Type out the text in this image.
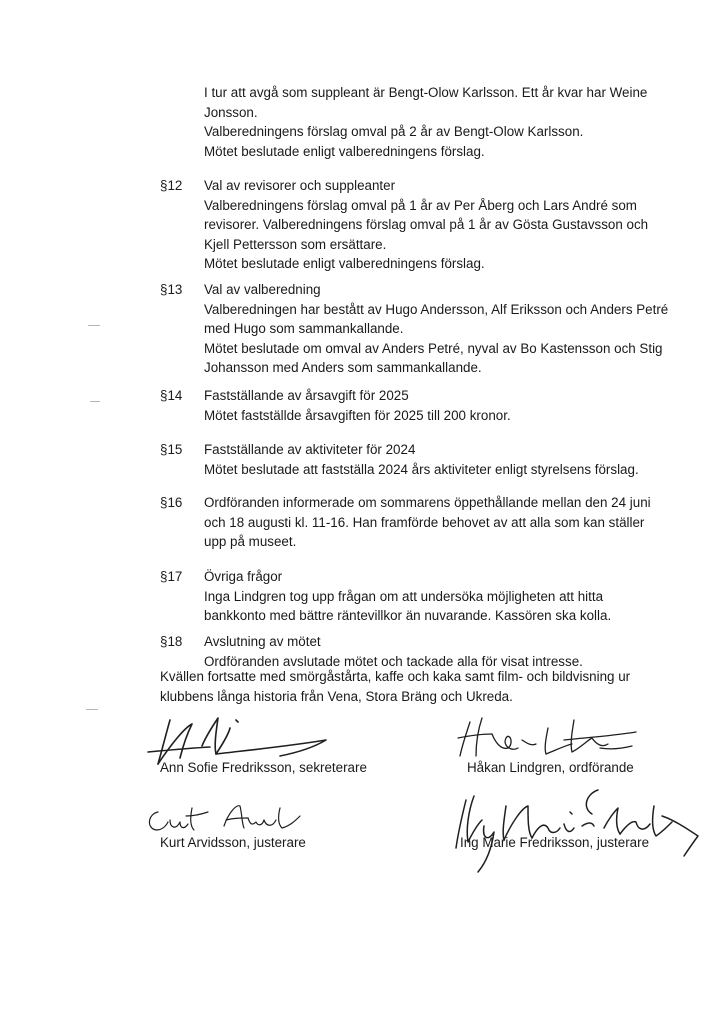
I tur att avgå som suppleant är Bengt-Olow Karlsson. Ett år kvar har Weine
Jonsson.
Valberedningens förslag omval på 2 år av Bengt-Olow Karlsson.
Mötet beslutade enligt valberedningens förslag.
§12 Val av revisorer och suppleanter
Valberedningens förslag omval på 1 år av Per Åberg och Lars André som
revisorer. Valberedningens förslag omval på 1 år av Gösta Gustavsson och
Kjell Pettersson som ersättare.
Mötet beslutade enligt valberedningens förslag.
§13 Val av valberedning
Valberedningen har bestått av Hugo Andersson, Alf Eriksson och Anders Petré
med Hugo som sammankallande.
Mötet beslutade om omval av Anders Petré, nyval av Bo Kastensson och Stig
Johansson med Anders som sammankallande.
§14 Fastställande av årsavgift för 2025
Mötet fastställde årsavgiften för 2025 till 200 kronor.
§15 Fastställande av aktiviteter för 2024
Mötet beslutade att fastställa 2024 års aktiviteter enligt styrelsens förslag.
§16 Ordföranden informerade om sommarens öppethållande mellan den 24 juni
och 18 augusti kl. 11-16. Han framförde behovet av att alla som kan ställer
upp på museet.
§17 Övriga frågor
Inga Lindgren tog upp frågan om att undersöka möjligheten att hitta
bankkonto med bättre räntevillkor än nuvarande. Kassören ska kolla.
§18 Avslutning av mötet
Ordföranden avslutade mötet och tackade alla för visat intresse.
Kvällen fortsatte med smörgåstårta, kaffe och kaka samt film- och bildvisning ur
klubbens långa historia från Vena, Stora Bräng och Ukreda.
Ann Sofie Fredriksson, sekreterare	Håkan Lindgren, ordförande
Kurt Arvidsson, justerare	Ing Marie Fredriksson, justerare
